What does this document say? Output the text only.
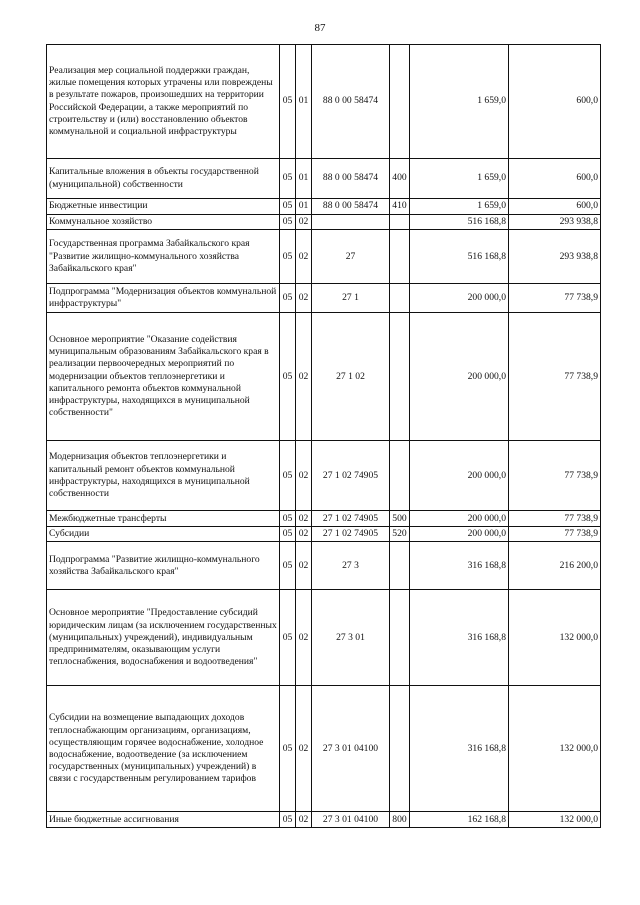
87
Реализация мер социальной поддержки граждан, жилые помещения которых утрачены или повреждены в результате пожаров, произошедших на территории Российской Федерации, а также мероприятий по строительству и (или) восстановлению объектов коммунальной и социальной инфраструктуры	05	01	88 0 00 58474		1 659,0	600,0
Капитальные вложения в объекты государственной (муниципальной) собственности	05	01	88 0 00 58474	400	1 659,0	600,0
Бюджетные инвестиции	05	01	88 0 00 58474	410	1 659,0	600,0
Коммунальное хозяйство	05	02			516 168,8	293 938,8
Государственная программа Забайкальского края "Развитие жилищно-коммунального хозяйства Забайкальского края"	05	02	27		516 168,8	293 938,8
Подпрограмма "Модернизация объектов коммунальной инфраструктуры"	05	02	27 1		200 000,0	77 738,9
Основное мероприятие "Оказание содействия муниципальным образованиям Забайкальского края в реализации первоочередных мероприятий по модернизации объектов теплоэнергетики и капитального ремонта объектов коммунальной инфраструктуры, находящихся в муниципальной собственности"	05	02	27 1 02		200 000,0	77 738,9
Модернизация объектов теплоэнергетики и капитальный ремонт объектов коммунальной инфраструктуры, находящихся в муниципальной собственности	05	02	27 1 02 74905		200 000,0	77 738,9
Межбюджетные трансферты	05	02	27 1 02 74905	500	200 000,0	77 738,9
Субсидии	05	02	27 1 02 74905	520	200 000,0	77 738,9
Подпрограмма "Развитие жилищно-коммунального хозяйства Забайкальского края"	05	02	27 3		316 168,8	216 200,0
Основное мероприятие "Предоставление субсидий юридическим лицам (за исключением государственных (муниципальных) учреждений), индивидуальным предпринимателям, оказывающим услуги теплоснабжения, водоснабжения и водоотведения"	05	02	27 3 01		316 168,8	132 000,0
Субсидии на возмещение выпадающих доходов теплоснабжающим организациям, организациям, осуществляющим горячее водоснабжение, холодное водоснабжение, водоотведение (за исключением государственных (муниципальных) учреждений) в связи с государственным регулированием тарифов	05	02	27 3 01 04100		316 168,8	132 000,0
Иные бюджетные ассигнования	05	02	27 3 01 04100	800	162 168,8	132 000,0
